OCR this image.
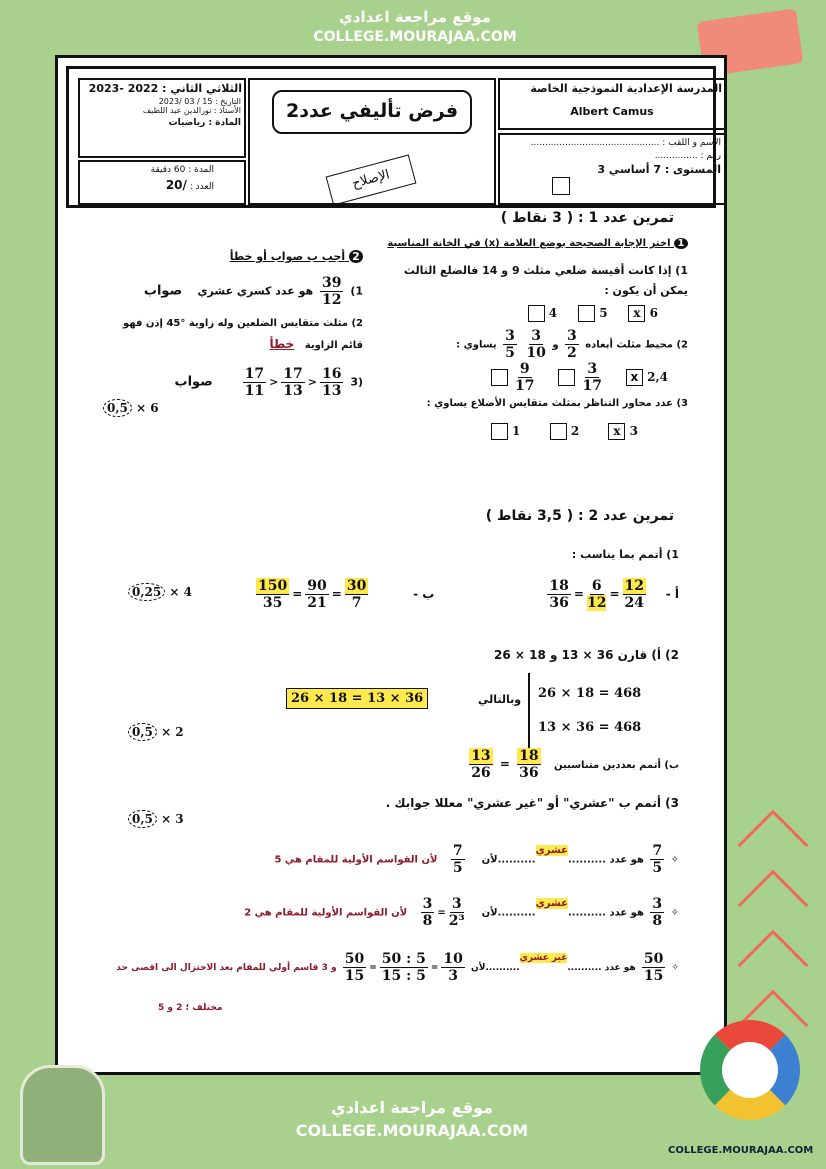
موقع مراجعة اعدادي
COLLEGE.MOURAJAA.COM
المدرسة الإعدادية النموذجية الخاصة
Albert Camus
الاسم و اللقب : .............................................
رقم : ...............
المستوى : 7 أساسي 3
فرض تأليفي عدد2
الإصلاح
الثلاثي الثاني : 2022 -2023
التاريخ : 15 / 03 /2023
الأستاذ : نورالدين عبد اللطيف
المادة : رياضيات
المدة : 60 دقيقة
العدد : /20
تمرين عدد 1 : ( 3 نقاط )
1 اختر الإجابة الصحيحة بوضع العلامة (x) في الخانة المناسبة
1) إذا كانت أقيسة ضلعي مثلث 9 و 14 فالضلع الثالث يمكن أن يكون :
6 x     5      4
2) محيط مثلث أبعاده
$\frac{3}{2}$
و
$\frac{3}{10}$

$\frac{3}{5}$
يساوي :
2,4 x
$\frac{3}{17}$

$\frac{9}{17}$

3) عدد محاور التناظر بمثلث متقايس الأضلاع يساوي :
3 x       2        1
2 أجب ب صواب أو خطأ
1)
$\frac{39}{12}$
هو عدد كسري عشري    صواب
2) مثلث متقايس الضلعين وله زاوية °45 إذن فهو قائم الزاوية   خطأ
(3
$\frac{17}{11} > \frac{17}{13} > \frac{16}{13}$
صواب
0,5 × 6
تمرين عدد 2 : ( 3,5 نقاط )
1) أتمم بما يناسب :
أ -
$\frac{18}{36} = \frac{6}{12} = \frac{12}{24}$
ب -
$\frac{150}{35} = \frac{90}{21} = \frac{30}{7}$
0,25 × 4
2) أ) قارن 36 × 13 و 18 × 26
26 × 18 = 468
13 × 36 = 468
وبالتالي
26 × 18 = 13 × 36
0,5 × 2
ب) أتمم بعددين متناسبين
$\frac{13}{26} = \frac{18}{36}$
3) أتمم ب "عشري" أو "غير عشري" معللا جوابك .
0,5 × 3
✧
$\frac{7}{5}$
هو عدد ..........عشري..........لأن
$\frac{7}{5}$
لأن القواسم الأولية للمقام هي 5
✧
$\frac{3}{8}$
هو عدد ..........عشري..........لأن
$\frac{3}{8} = \frac{3}{\text{2³}}$
لأن القواسم الأولية للمقام هي 2
✧
$\frac{50}{15}$
هو عدد ..........غير عشري..........لأن
$\frac{50}{15} = \frac{50 : 5}{15 : 5} = \frac{10}{3}$
و 3 قاسم أولي للمقام بعد الاختزال الى اقصى حد
مختلف ؛ 2 و 5
COLLEGE.MOURAJAA.COM
موقع مراجعة اعدادي
COLLEGE.MOURAJAA.COM
